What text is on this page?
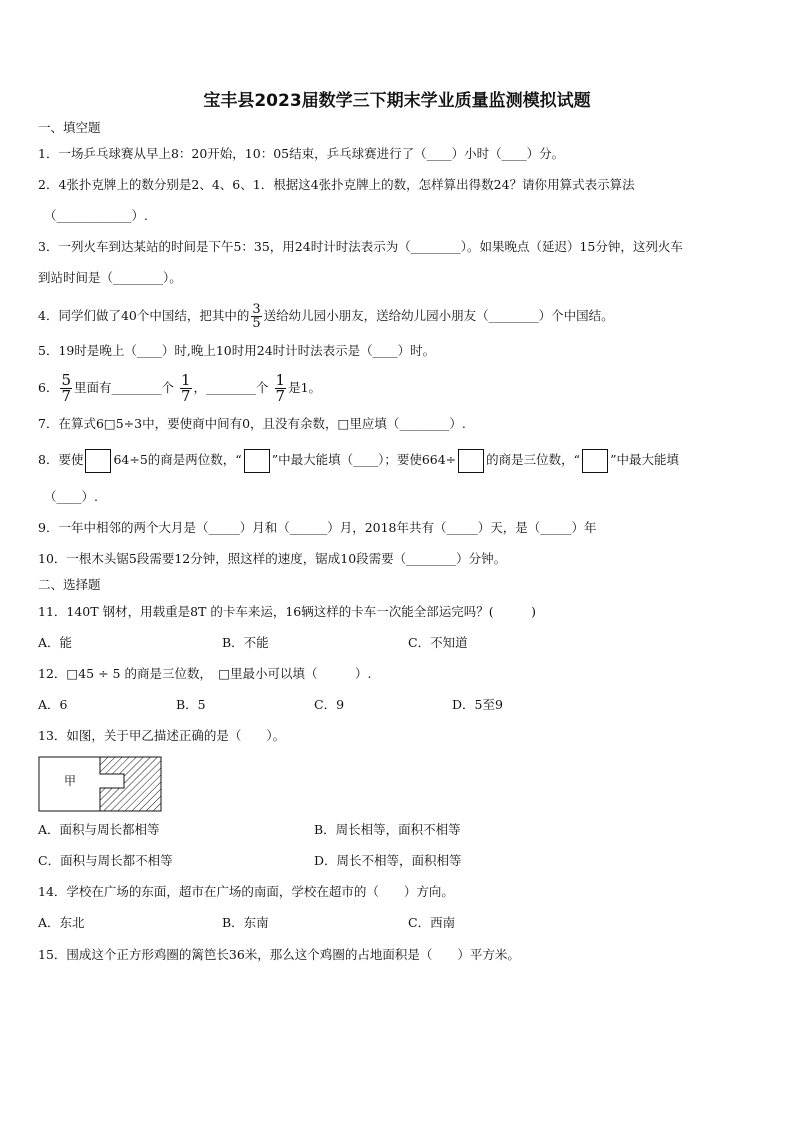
宝丰县2023届数学三下期末学业质量监测模拟试题
一、填空题
1．一场乒乓球赛从早上8：20开始，10：05结束，乒乓球赛进行了（____）小时（____）分。
2．4张扑克牌上的数分别是2、4、6、1．根据这4张扑克牌上的数，怎样算出得数24？请你用算式表示算法
（____________）.
3．一列火车到达某站的时间是下午5：35，用24时计时法表示为（________）。如果晚点（延迟）15分钟，这列火车
到站时间是（________）。
4．同学们做了40个中国结，把其中的 $\frac{3}{5}$ 送给幼儿园小朋友，送给幼儿园小朋友（________）个中国结。
5．19时是晚上（____）时,晚上10时用24时计时法表示是（____）时。
6． $\frac{5}{7}$ 里面有________个 $\frac{1}{7}$ ，________个 $\frac{1}{7}$ 是1。
7．在算式6□5÷3中，要使商中间有0，且没有余数，□里应填（________）.
8．要使 64÷5的商是两位数，“ ”中最大能填（____）；要使664÷ 的商是三位数，“ ”中最大能填
（____）.
9．一年中相邻的两个大月是（_____）月和（______）月，2018年共有（_____）天，是（_____）年
10．一根木头锯5段需要12分钟，照这样的速度，锯成10段需要（________）分钟。
二、选择题
11．140T 钢材，用载重是8T 的卡车来运，16辆这样的卡车一次能全部运完吗？(　　　)
A．能	B．不能	C．不知道
12．□45 ÷ 5 的商是三位数，　□里最小可以填（　　　）.
A．6	B．5	C．9	D．5至9
13．如图，关于甲乙描述正确的是（　　）。
甲
A．面积与周长都相等	B．周长相等，面积不相等
C．面积与周长都不相等	D．周长不相等，面积相等
14．学校在广场的东面，超市在广场的南面，学校在超市的（　　）方向。
A．东北	B．东南	C．西南
15．围成这个正方形鸡圈的篱笆长36米，那么这个鸡圈的占地面积是（　　）平方米。
